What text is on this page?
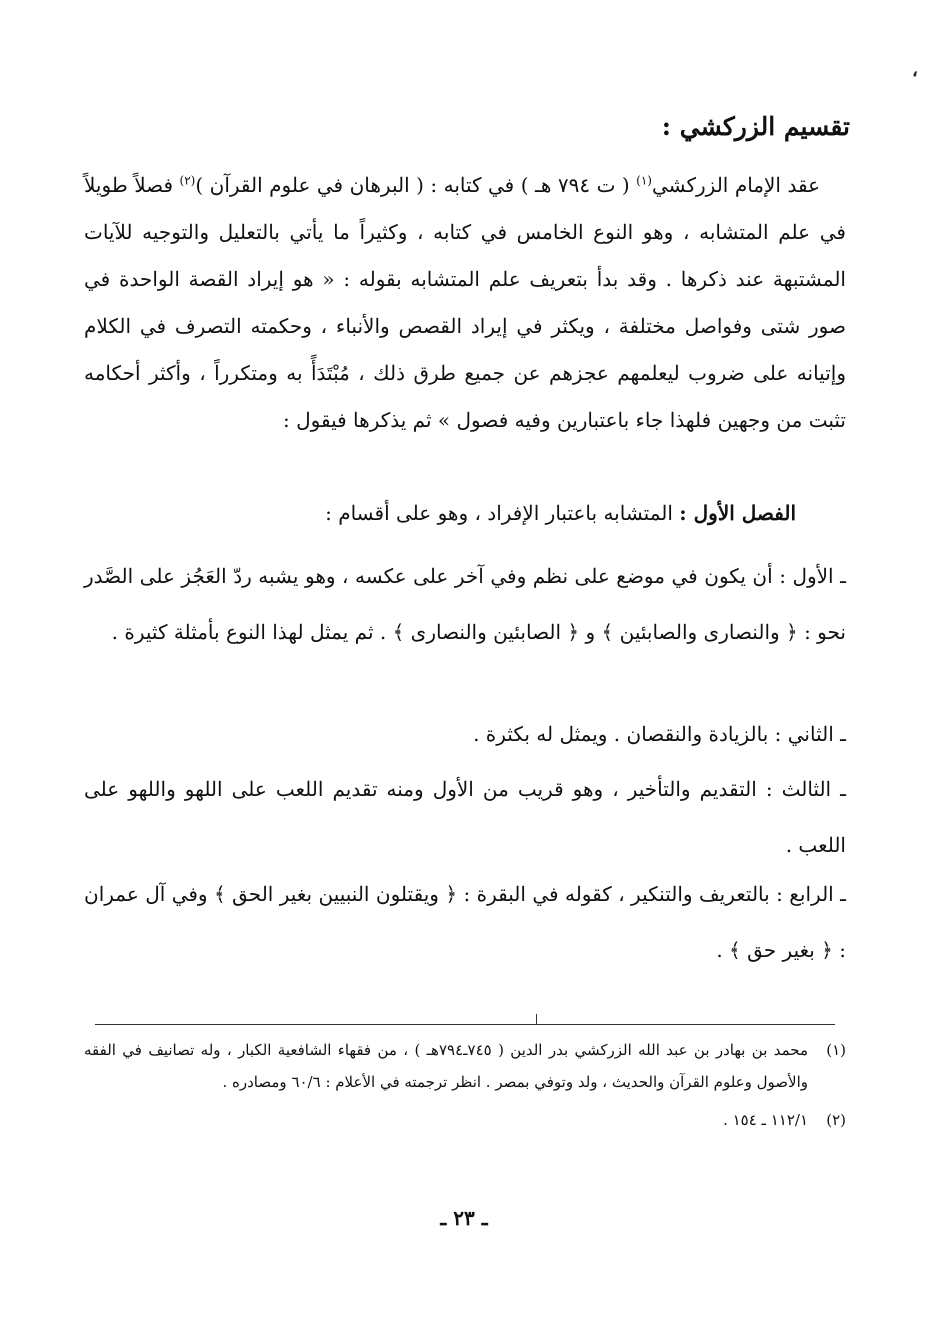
،
تقسيم الزركشي :

عقد الإمام الزركشي$^{(١)}$ ( ت ٧٩٤ هـ ) في كتابه : ( البرهان في علوم القرآن )$^{(٢)}$ فصلاً طويلاً في علم المتشابه ، وهو النوع الخامس في كتابه ، وكثيراً ما يأتي بالتعليل والتوجيه للآيات المشتبهة عند ذكرها . وقد بدأ بتعريف علم المتشابه بقوله : « هو إيراد القصة الواحدة في صور شتى وفواصل مختلفة ، ويكثر في إيراد القصص والأنباء ، وحكمته التصرف في الكلام وإتيانه على ضروب ليعلمهم عجزهم عن جميع طرق ذلك ، مُبْتَدَأً به ومتكرراً ، وأكثر أحكامه تثبت من وجهين فلهذا جاء باعتبارين وفيه فصول » ثم يذكرها فيقول :

الفصل الأول : المتشابه باعتبار الإفراد ، وهو على أقسام :
ـ الأول : أن يكون في موضع على نظم وفي آخر على عكسه ، وهو يشبه ردّ العَجُز على الصَّدر نحو : ﴿ والنصارى والصابئين ﴾ و ﴿ الصابئين والنصارى ﴾ . ثم يمثل لهذا النوع بأمثلة كثيرة .
ـ الثاني : بالزيادة والنقصان . ويمثل له بكثرة .
ـ الثالث : التقديم والتأخير ، وهو قريب من الأول ومنه تقديم اللعب على اللهو واللهو على اللعب .
ـ الرابع : بالتعريف والتنكير ، كقوله في البقرة : ﴿ ويقتلون النبيين بغير الحق ﴾ وفي آل عمران : ﴿ بغير حق ﴾ .
(١)
محمد بن بهادر بن عبد الله الزركشي بدر الدين ( ٧٤٥ـ٧٩٤هـ ) ، من فقهاء الشافعية الكبار ، وله تصانيف في الفقه والأصول وعلوم القرآن والحديث ، ولد وتوفي بمصر . انظر ترجمته في الأعلام : ٦٠/٦ ومصادره .
(٢)
١١٢/١ ـ ١٥٤ .
ـ ٢٣ ـ
